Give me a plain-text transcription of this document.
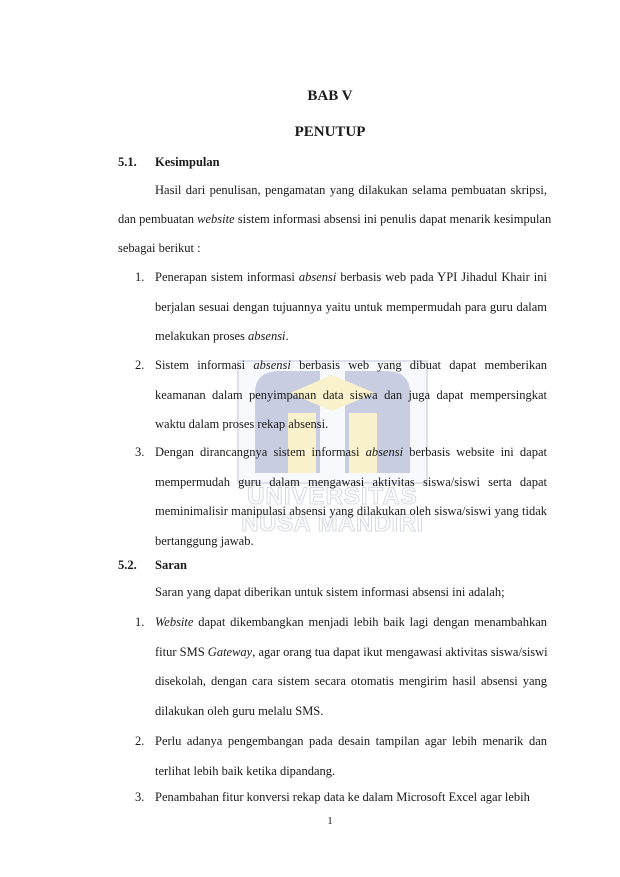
UNIVERSITAS
NUSA MANDIRI
BAB V
PENUTUP
5.1. Kesimpulan
Hasil dari penulisan, pengamatan yang dilakukan selama pembuatan skripsi,
dan pembuatan website sistem informasi absensi ini penulis dapat menarik kesimpulan
sebagai berikut :
1. Penerapan sistem informasi absensi berbasis web pada YPI Jihadul Khair ini
berjalan sesuai dengan tujuannya yaitu untuk mempermudah para guru dalam
melakukan proses absensi.
2. Sistem informasi absensi berbasis web yang dibuat dapat memberikan
keamanan dalam penyimpanan data siswa dan juga dapat mempersingkat
waktu dalam proses rekap absensi.
3. Dengan dirancangnya sistem informasi absensi berbasis website ini dapat
mempermudah guru dalam mengawasi aktivitas siswa/siswi serta dapat
meminimalisir manipulasi absensi yang dilakukan oleh siswa/siswi yang tidak
bertanggung jawab.
5.2. Saran
Saran yang dapat diberikan untuk sistem informasi absensi ini adalah;
1. Website dapat dikembangkan menjadi lebih baik lagi dengan menambahkan
fitur SMS Gateway, agar orang tua dapat ikut mengawasi aktivitas siswa/siswi
disekolah, dengan cara sistem secara otomatis mengirim hasil absensi yang
dilakukan oleh guru melalu SMS.
2. Perlu adanya pengembangan pada desain tampilan agar lebih menarik dan
terlihat lebih baik ketika dipandang.
3. Penambahan fitur konversi rekap data ke dalam Microsoft Excel agar lebih
1
